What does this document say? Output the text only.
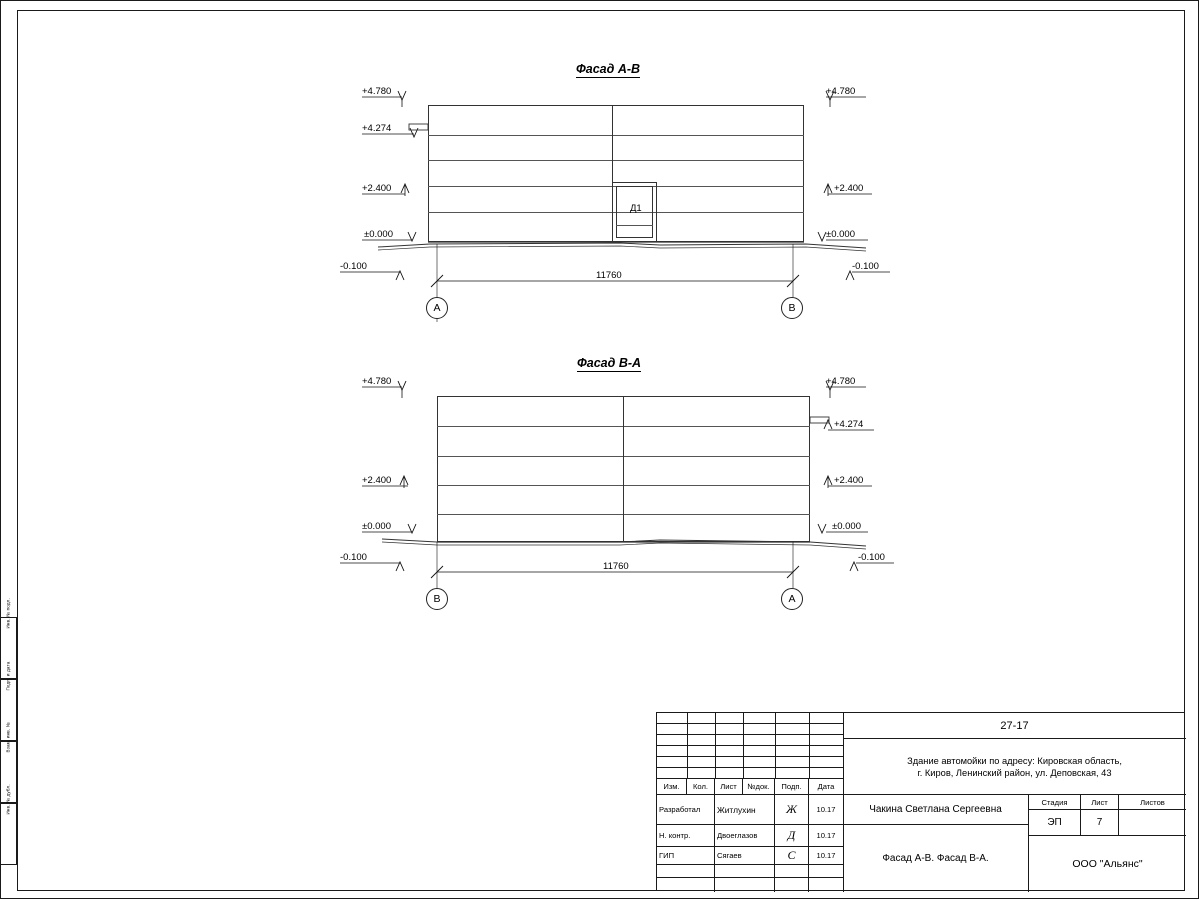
Инв. № подл.
Подп. и дата
Взам. инв. №
Инв. № дубл.
Фасад А-В
Д1
Фасад В-А
А	В
В	А
+4.780
+4.274
+2.400
±0.000
-0.100
+4.780
+2.400
±0.000
-0.100
+4.780
+2.400
±0.000
-0.100
+4.780
+4.274
+2.400
±0.000
-0.100
11760
11760
Изм.	Кол.	Лист	№док.	Подп.	Дата
Разработал	Житлухин	Ж	10.17
Н. контр.	Двоеглазов	Д	10.17
ГИП	Сягаев	С	10.17
27-17
Здание автомойки по адресу: Кировская область,
г. Киров, Ленинский район, ул. Деповская, 43
Чакина Светлана Сергеевна
Стадия	Лист	Листов
ЭП	7
Фасад А-В. Фасад В-А.	ООО "Альянс"
